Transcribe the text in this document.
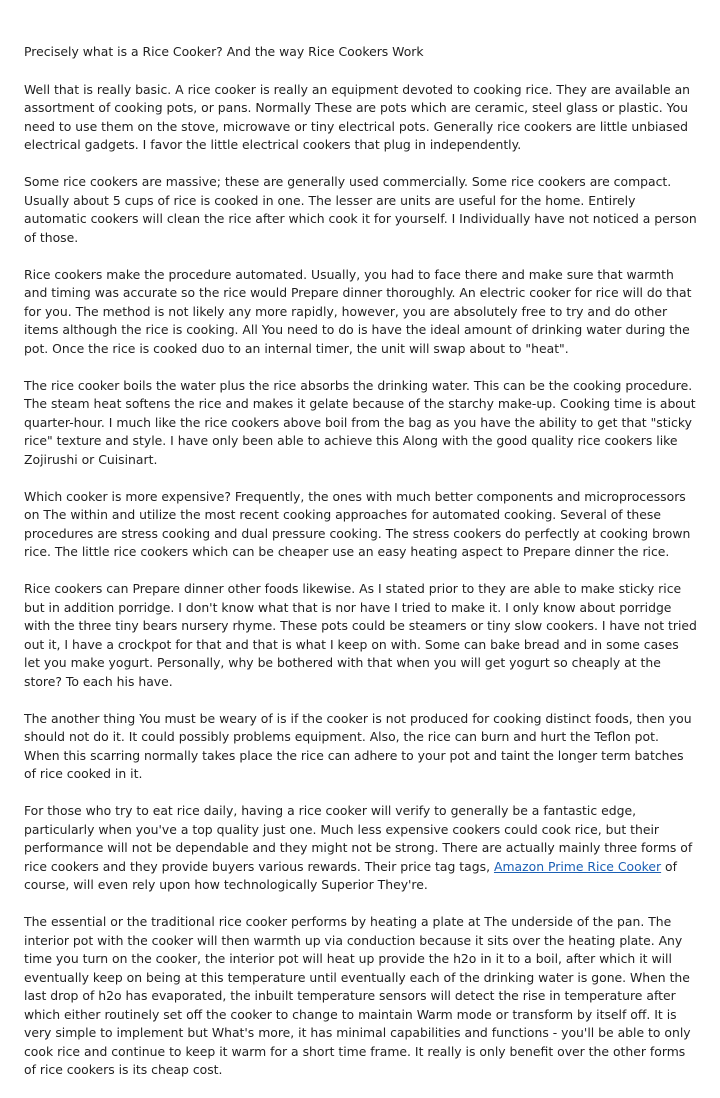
Precisely what is a Rice Cooker? And the way Rice Cookers Work

Well that is really basic. A rice cooker is really an equipment devoted to cooking rice. They are available an assortment of cooking pots, or pans. Normally These are pots which are ceramic, steel glass or plastic. You need to use them on the stove, microwave or tiny electrical pots. Generally rice cookers are little unbiased electrical gadgets. I favor the little electrical cookers that plug in independently.

Some rice cookers are massive; these are generally used commercially. Some rice cookers are compact. Usually about 5 cups of rice is cooked in one. The lesser are units are useful for the home. Entirely automatic cookers will clean the rice after which cook it for yourself. I Individually have not noticed a person of those.

Rice cookers make the procedure automated. Usually, you had to face there and make sure that warmth and timing was accurate so the rice would Prepare dinner thoroughly. An electric cooker for rice will do that for you. The method is not likely any more rapidly, however, you are absolutely free to try and do other items although the rice is cooking. All You need to do is have the ideal amount of drinking water during the pot. Once the rice is cooked duo to an internal timer, the unit will swap about to "heat".

The rice cooker boils the water plus the rice absorbs the drinking water. This can be the cooking procedure. The steam heat softens the rice and makes it gelate because of the starchy make-up. Cooking time is about quarter-hour. I much like the rice cookers above boil from the bag as you have the ability to get that "sticky rice" texture and style. I have only been able to achieve this Along with the good quality rice cookers like Zojirushi or Cuisinart.

Which cooker is more expensive? Frequently, the ones with much better components and microprocessors on The within and utilize the most recent cooking approaches for automated cooking. Several of these procedures are stress cooking and dual pressure cooking. The stress cookers do perfectly at cooking brown rice. The little rice cookers which can be cheaper use an easy heating aspect to Prepare dinner the rice.

Rice cookers can Prepare dinner other foods likewise. As I stated prior to they are able to make sticky rice but in addition porridge. I don't know what that is nor have I tried to make it. I only know about porridge with the three tiny bears nursery rhyme. These pots could be steamers or tiny slow cookers. I have not tried out it, I have a crockpot for that and that is what I keep on with. Some can bake bread and in some cases let you make yogurt. Personally, why be bothered with that when you will get yogurt so cheaply at the store? To each his have.

The another thing You must be weary of is if the cooker is not produced for cooking distinct foods, then you should not do it. It could possibly problems equipment. Also, the rice can burn and hurt the Teflon pot. When this scarring normally takes place the rice can adhere to your pot and taint the longer term batches of rice cooked in it.

For those who try to eat rice daily, having a rice cooker will verify to generally be a fantastic edge, particularly when you've a top quality just one. Much less expensive cookers could cook rice, but their performance will not be dependable and they might not be strong. There are actually mainly three forms of rice cookers and they provide buyers various rewards. Their price tag tags, Amazon Prime Rice Cooker of course, will even rely upon how technologically Superior They're.

The essential or the traditional rice cooker performs by heating a plate at The underside of the pan. The interior pot with the cooker will then warmth up via conduction because it sits over the heating plate. Any time you turn on the cooker, the interior pot will heat up provide the h2o in it to a boil, after which it will eventually keep on being at this temperature until eventually each of the drinking water is gone. When the last drop of h2o has evaporated, the inbuilt temperature sensors will detect the rise in temperature after which either routinely set off the cooker to change to maintain Warm mode or transform by itself off. It is very simple to implement but What's more, it has minimal capabilities and functions - you'll be able to only cook rice and continue to keep it warm for a short time frame. It really is only benefit over the other forms of rice cookers is its cheap cost.
